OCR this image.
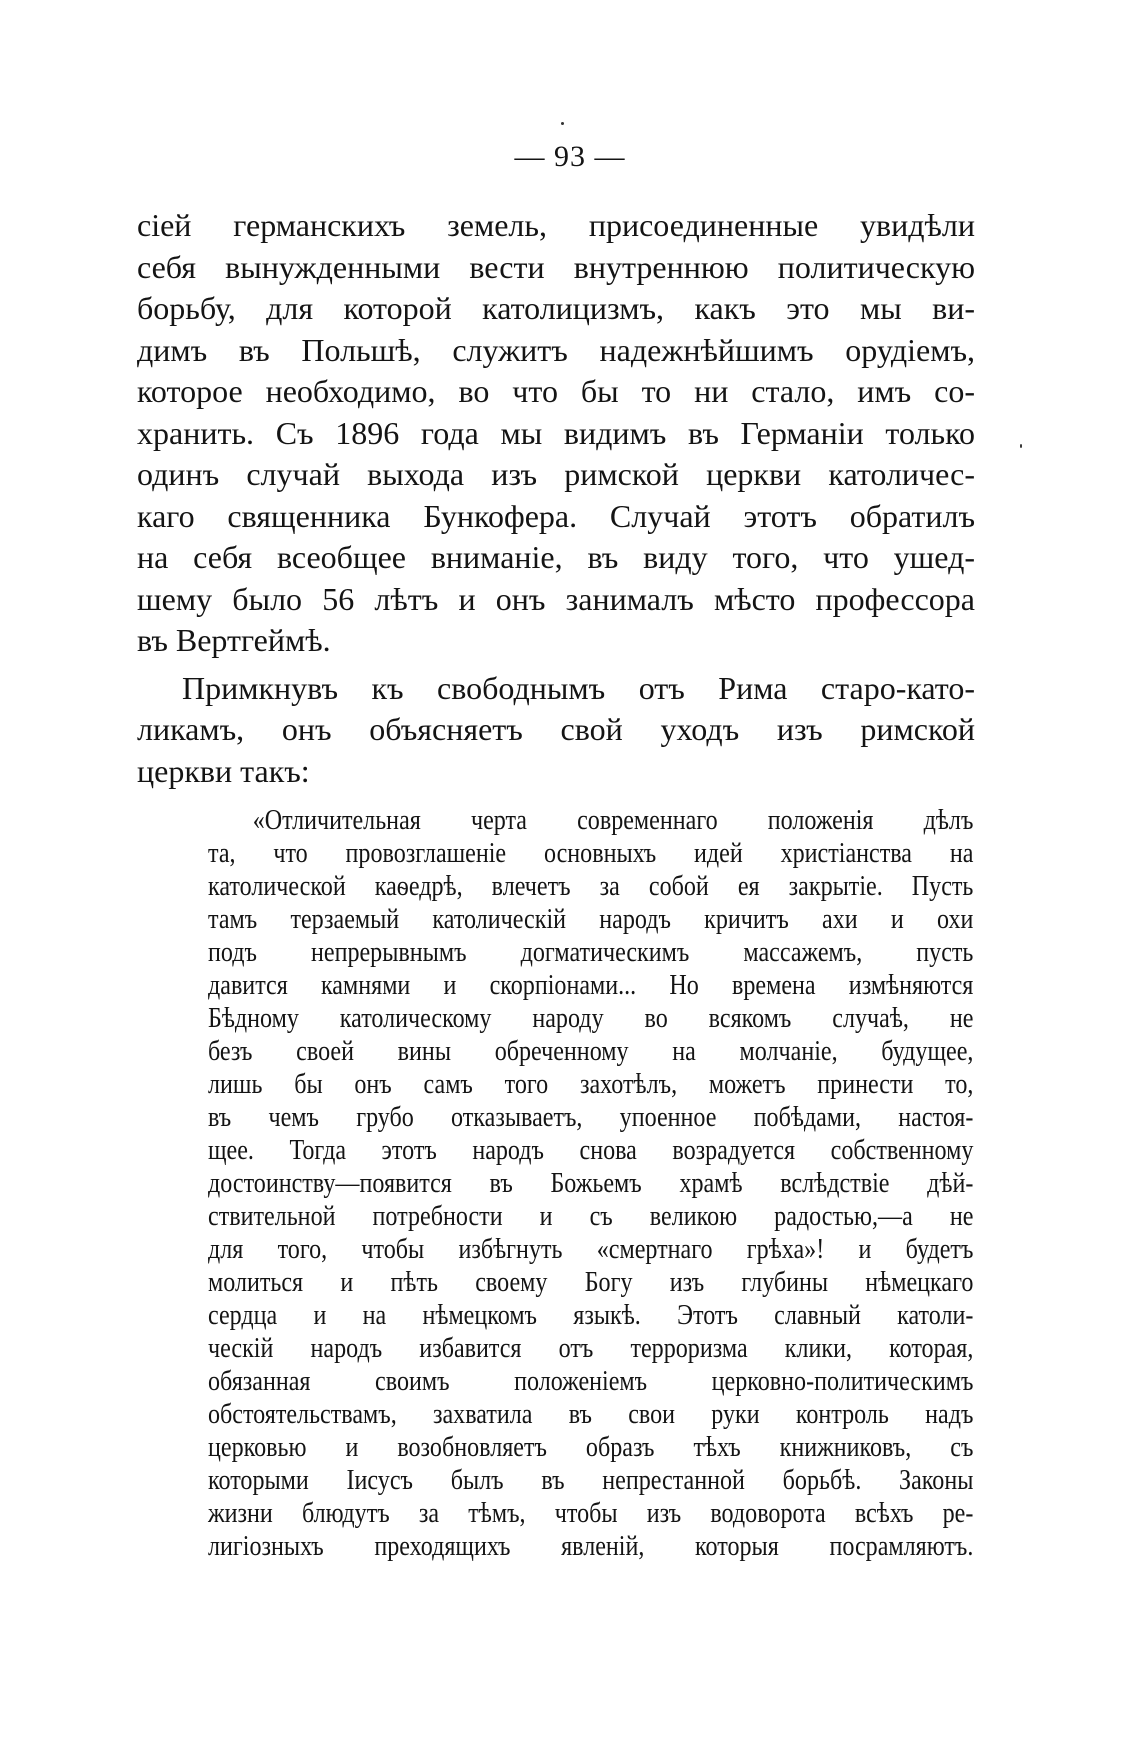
— 93 —
сіей германскихъ земель, присоединенные увидѣли
себя вынужденными вести внутреннюю политическую
борьбу, для которой католицизмъ, какъ это мы ви-
димъ въ Польшѣ, служитъ надежнѣйшимъ орудіемъ,
которое необходимо, во что бы то ни стало, имъ со-
хранить. Съ 1896 года мы видимъ въ Германіи только
одинъ случай выхода изъ римской церкви католичес-
каго священника Бункофера. Случай этотъ обратилъ
на себя всеобщее вниманіе, въ виду того, что ушед-
шему было 56 лѣтъ и онъ занималъ мѣсто профессора
въ Вертгеймѣ.
Примкнувъ къ свободнымъ отъ Рима старо-като-
ликамъ, онъ объясняетъ свой уходъ изъ римской
церкви такъ:
«Отличительная черта современнаго положенія дѣлъ
та, что провозглашеніе основныхъ идей христіанства на
католической каѳедрѣ, влечетъ за собой ея закрытіе. Пусть
тамъ терзаемый католическій народъ кричитъ ахи и охи
подъ непрерывнымъ догматическимъ массажемъ, пусть
давится камнями и скорпіонами... Но времена измѣняются
Бѣдному католическому народу во всякомъ случаѣ, не
безъ своей вины обреченному на молчаніе, будущее,
лишь бы онъ самъ того захотѣлъ, можетъ принести то,
въ чемъ грубо отказываетъ, упоенное побѣдами, настоя-
щее. Тогда этотъ народъ снова возрадуется собственному
достоинству—появится въ Божьемъ храмѣ вслѣдствіе дѣй-
ствительной потребности и съ великою радостью,—а не
для того, чтобы избѣгнуть «смертнаго грѣха»! и будетъ
молиться и пѣть своему Богу изъ глубины нѣмецкаго
сердца и на нѣмецкомъ языкѣ. Этотъ славный католи-
ческій народъ избавится отъ терроризма клики, которая,
обязанная своимъ положеніемъ церковно-политическимъ
обстоятельствамъ, захватила въ свои руки контроль надъ
церковью и возобновляетъ образъ тѣхъ книжниковъ, съ
которыми Іисусъ былъ въ непрестанной борьбѣ. Законы
жизни блюдутъ за тѣмъ, чтобы изъ водоворота всѣхъ ре-
лигіозныхъ преходящихъ явленій, которыя посрамляютъ.
